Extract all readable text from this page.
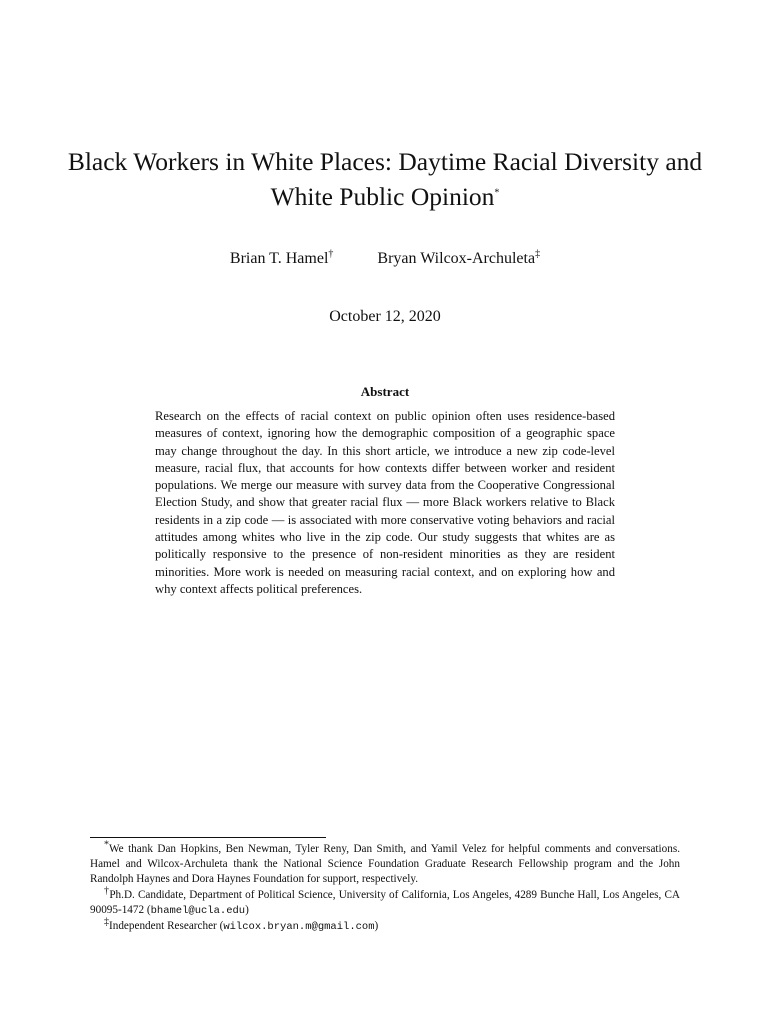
Black Workers in White Places: Daytime Racial Diversity and White Public Opinion*
Brian T. Hamel†	Bryan Wilcox-Archuleta‡
October 12, 2020
Abstract

Research on the effects of racial context on public opinion often uses residence-based measures of context, ignoring how the demographic composition of a geographic space may change throughout the day. In this short article, we introduce a new zip code-level measure, racial flux, that accounts for how contexts differ between worker and resident populations. We merge our measure with survey data from the Cooperative Congressional Election Study, and show that greater racial flux — more Black workers relative to Black residents in a zip code — is associated with more conservative voting behaviors and racial attitudes among whites who live in the zip code. Our study suggests that whites are as politically responsive to the presence of non-resident minorities as they are resident minorities. More work is needed on measuring racial context, and on exploring how and why context affects political preferences.

*We thank Dan Hopkins, Ben Newman, Tyler Reny, Dan Smith, and Yamil Velez for helpful comments and conversations. Hamel and Wilcox-Archuleta thank the National Science Foundation Graduate Research Fellowship program and the John Randolph Haynes and Dora Haynes Foundation for support, respectively.

†Ph.D. Candidate, Department of Political Science, University of California, Los Angeles, 4289 Bunche Hall, Los Angeles, CA 90095-1472 (bhamel@ucla.edu)

‡Independent Researcher (wilcox.bryan.m@gmail.com)
